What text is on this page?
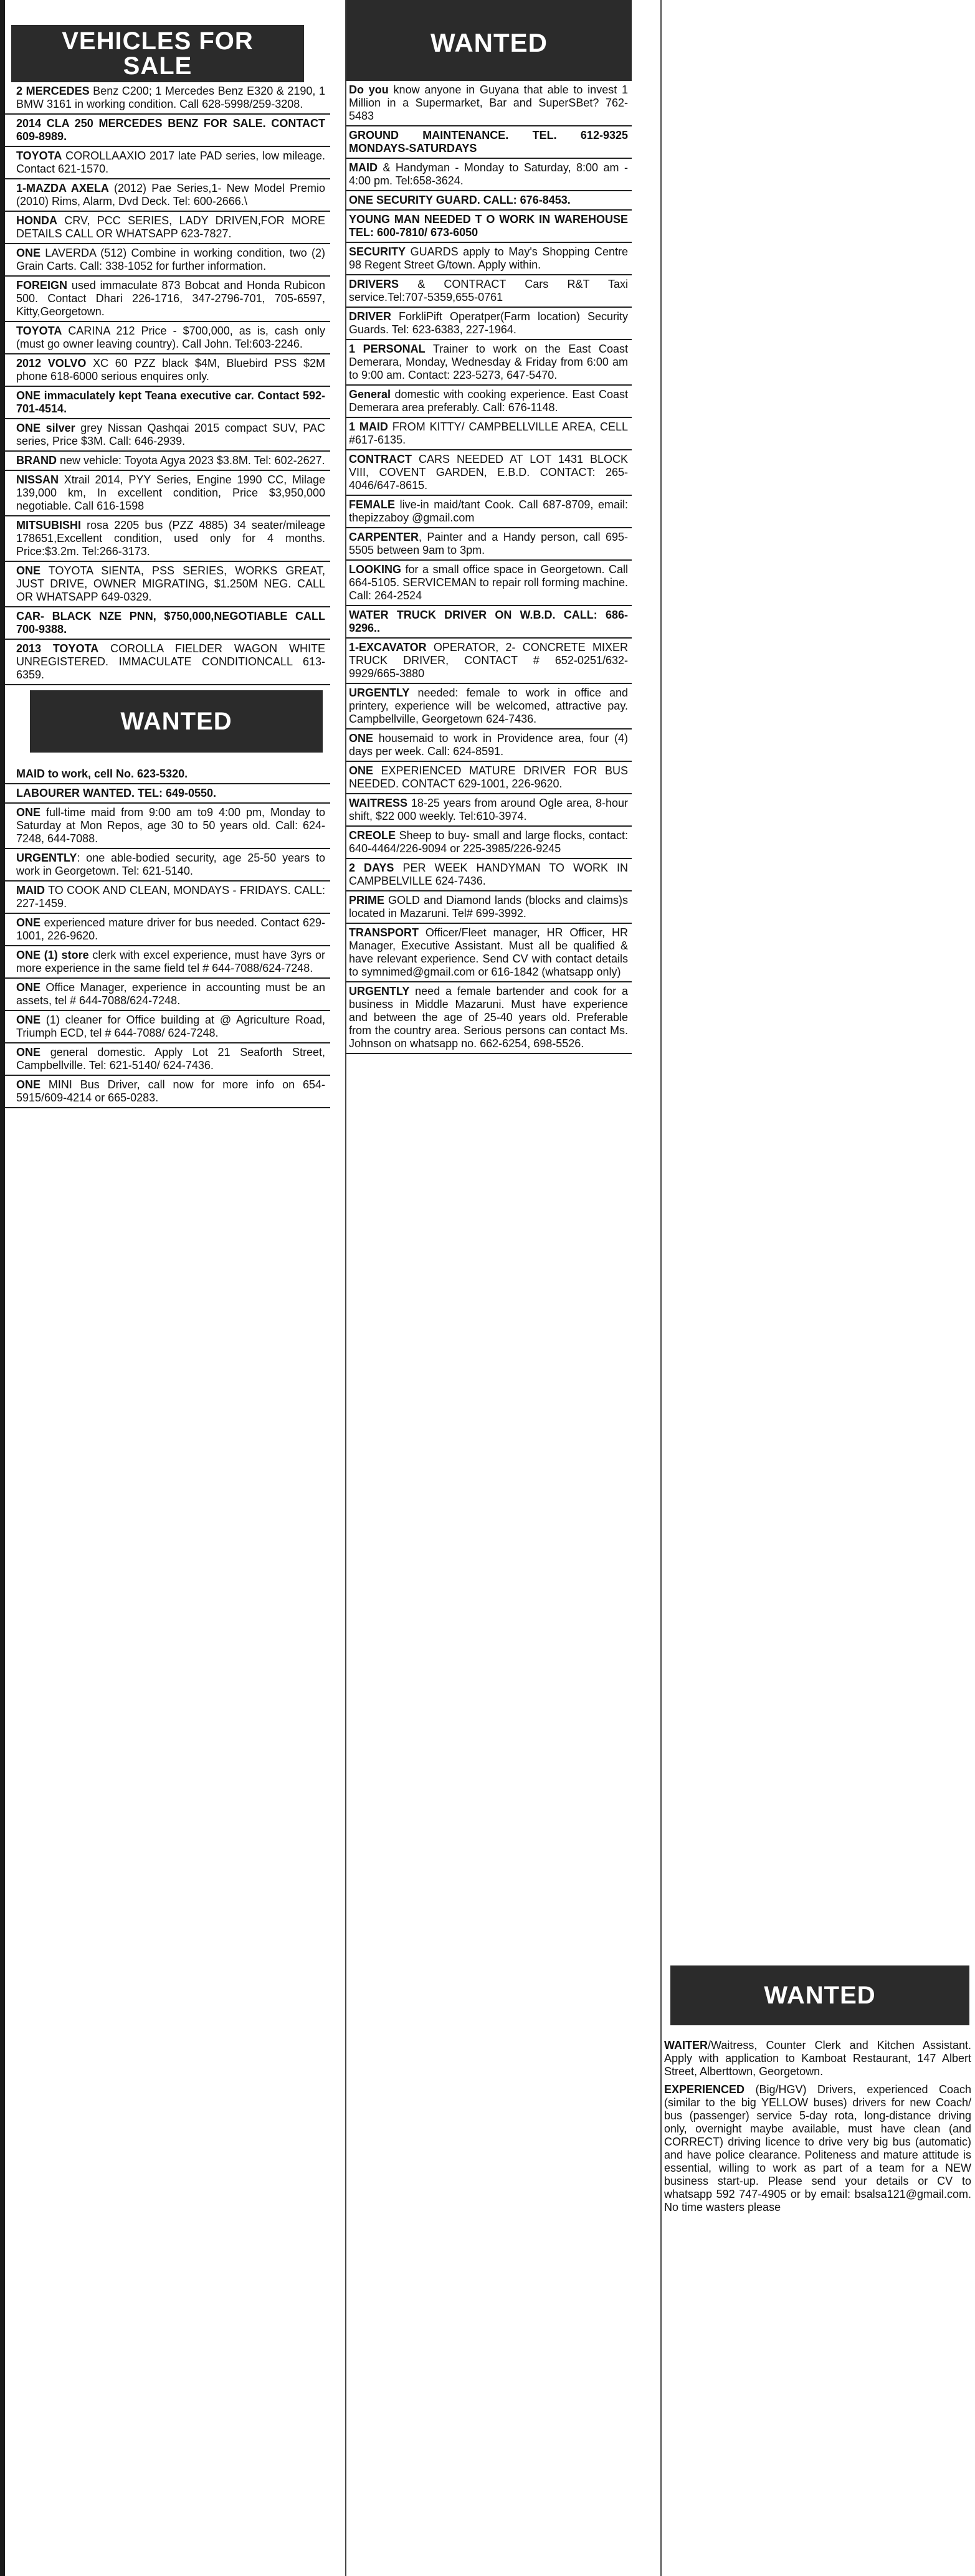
VEHICLES FOR SALE
2 MERCEDES Benz C200; 1 Mercedes Benz E320 & 2190, 1 BMW 3161 in working condition. Call 628-5998/259-3208.
2014 CLA 250 MERCEDES BENZ FOR SALE. CONTACT 609-8989.
TOYOTA COROLLAAXIO 2017 late PAD series, low mileage. Contact 621-1570.
1-MAZDA AXELA (2012) Pae Series,1- New Model Premio (2010) Rims, Alarm, Dvd Deck. Tel: 600-2666.\
HONDA CRV, PCC SERIES, LADY DRIVEN,FOR MORE DETAILS CALL OR WHATSAPP 623-7827.
ONE LAVERDA (512) Combine in working condition, two (2) Grain Carts. Call: 338-1052 for further information.
FOREIGN used immaculate 873 Bobcat and Honda Rubicon 500. Contact Dhari 226-1716, 347-2796-701, 705-6597, Kitty,Georgetown.
TOYOTA CARINA 212 Price - $700,000, as is, cash only (must go owner leaving country). Call John. Tel:603-2246.
2012 VOLVO XC 60 PZZ black $4M, Bluebird PSS $2M phone 618-6000 serious enquires only.
ONE immaculately kept Teana executive car. Contact 592-701-4514.
ONE silver grey Nissan Qashqai 2015 compact SUV, PAC series, Price $3M. Call: 646-2939.
BRAND new vehicle: Toyota Agya 2023 $3.8M. Tel: 602-2627.
NISSAN Xtrail 2014, PYY Series, Engine 1990 CC, Milage 139,000 km, In excellent condition, Price $3,950,000 negotiable. Call 616-1598
MITSUBISHI rosa 2205 bus (PZZ 4885) 34 seater/mileage 178651,Excellent condition, used only for 4 months. Price:$3.2m. Tel:266-3173.
ONE TOYOTA SIENTA, PSS SERIES, WORKS GREAT, JUST DRIVE, OWNER MIGRATING, $1.250M NEG. CALL OR WHATSAPP 649-0329.
CAR- BLACK NZE PNN, $750,000,NEGOTIABLE CALL 700-9388.
2013 TOYOTA COROLLA FIELDER WAGON WHITE UNREGISTERED. IMMACULATE CONDITIONCALL 613-6359.
WANTED
MAID to work, cell No. 623-5320.
LABOURER WANTED. TEL: 649-0550.
ONE full-time maid from 9:00 am to9 4:00 pm, Monday to Saturday at Mon Repos, age 30 to 50 years old. Call: 624-7248, 644-7088.
URGENTLY: one able-bodied security, age 25-50 years to work in Georgetown. Tel: 621-5140.
MAID TO COOK AND CLEAN, MONDAYS - FRIDAYS. CALL: 227-1459.
ONE experienced mature driver for bus needed. Contact 629-1001, 226-9620.
ONE (1) store clerk with excel experience, must have 3yrs or more experience in the same field tel # 644-7088/624-7248.
ONE Office Manager, experience in accounting must be an assets, tel # 644-7088/624-7248.
ONE (1) cleaner for Office building at @ Agriculture Road, Triumph ECD, tel # 644-7088/ 624-7248.
ONE general domestic. Apply Lot 21 Seaforth Street, Campbellville. Tel: 621-5140/ 624-7436.
ONE MINI Bus Driver, call now for more info on 654-5915/609-4214 or 665-0283.
WANTED
Do you know anyone in Guyana that able to invest 1 Million in a Supermarket, Bar and SuperSBet? 762-5483
GROUND MAINTENANCE. TEL. 612-9325 MONDAYS-SATURDAYS
MAID & Handyman - Monday to Saturday, 8:00 am - 4:00 pm. Tel:658-3624.
ONE SECURITY GUARD. CALL: 676-8453.
YOUNG MAN NEEDED T O WORK IN WAREHOUSE TEL: 600-7810/ 673-6050
SECURITY GUARDS apply to May's Shopping Centre 98 Regent Street G/town. Apply within.
DRIVERS & CONTRACT Cars R&T Taxi service.Tel:707-5359,655-0761
DRIVER ForkliPift Operatper(Farm location) Security Guards. Tel: 623-6383, 227-1964.
1 PERSONAL Trainer to work on the East Coast Demerara, Monday, Wednesday & Friday from 6:00 am to 9:00 am. Contact: 223-5273, 647-5470.
General domestic with cooking experience. East Coast Demerara area preferably. Call: 676-1148.
1 MAID FROM KITTY/ CAMPBELLVILLE AREA, CELL #617-6135.
CONTRACT CARS NEEDED AT LOT 1431 BLOCK VIII, COVENT GARDEN, E.B.D. CONTACT: 265-4046/647-8615.
FEMALE live-in maid/tant Cook. Call 687-8709, email: thepizzaboy @gmail.com
CARPENTER, Painter and a Handy person, call 695-5505 between 9am to 3pm.
LOOKING for a small office space in Georgetown. Call 664-5105. SERVICEMAN to repair roll forming machine. Call: 264-2524
WATER TRUCK DRIVER ON W.B.D. CALL: 686-9296..
1-EXCAVATOR OPERATOR, 2- CONCRETE MIXER TRUCK DRIVER, CONTACT # 652-0251/632-9929/665-3880
URGENTLY needed: female to work in office and printery, experience will be welcomed, attractive pay. Campbellville, Georgetown 624-7436.
ONE housemaid to work in Providence area, four (4) days per week. Call: 624-8591.
ONE EXPERIENCED MATURE DRIVER FOR BUS NEEDED. CONTACT 629-1001, 226-9620.
WAITRESS 18-25 years from around Ogle area, 8-hour shift, $22 000 weekly. Tel:610-3974.
CREOLE Sheep to buy- small and large flocks, contact: 640-4464/226-9094 or 225-3985/226-9245
2 DAYS PER WEEK HANDYMAN TO WORK IN CAMPBELVILLE 624-7436.
PRIME GOLD and Diamond lands (blocks and claims)s located in Mazaruni. Tel# 699-3992.
TRANSPORT Officer/Fleet manager, HR Officer, HR Manager, Executive Assistant. Must all be qualified & have relevant experience. Send CV with contact details to symnimed@gmail.com or 616-1842 (whatsapp only)
URGENTLY need a female bartender and cook for a business in Middle Mazaruni. Must have experience and between the age of 25-40 years old. Preferable from the country area. Serious persons can contact Ms. Johnson on whatsapp no. 662-6254, 698-5526.
WANTED
WAITER/Waitress, Counter Clerk and Kitchen Assistant. Apply with application to Kamboat Restaurant, 147 Albert Street, Alberttown, Georgetown.
EXPERIENCED (Big/HGV) Drivers, experienced Coach (similar to the big YELLOW buses) drivers for new Coach/ bus (passenger) service 5-day rota, long-distance driving only, overnight maybe available, must have clean (and CORRECT) driving licence to drive very big bus (automatic) and have police clearance. Politeness and mature attitude is essential, willing to work as part of a team for a NEW business start-up. Please send your details or CV to whatsapp 592 747-4905 or by email: bsalsa121@gmail.com. No time wasters please
